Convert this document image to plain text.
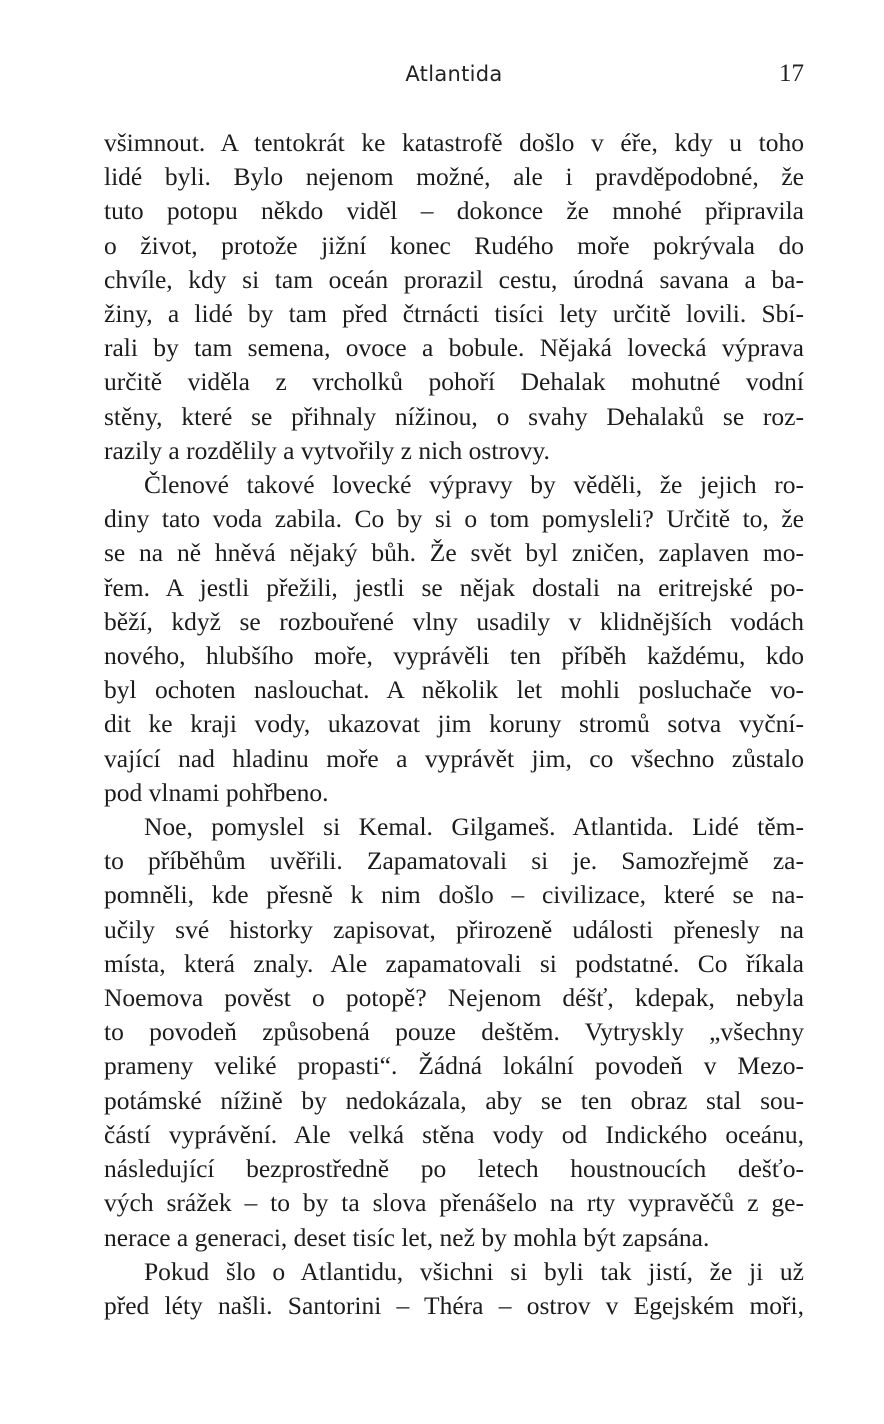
Atlantida	17

všimnout. A tentokrát ke katastrofě došlo v éře, kdy u toho
lidé byli. Bylo nejenom možné, ale i pravděpodobné, že
tuto potopu někdo viděl – dokonce že mnohé připravila
o život, protože jižní konec Rudého moře pokrývala do
chvíle, kdy si tam oceán prorazil cestu, úrodná savana a ba-
žiny, a lidé by tam před čtrnácti tisíci lety určitě lovili. Sbí-
rali by tam semena, ovoce a bobule. Nějaká lovecká výprava
určitě viděla z vrcholků pohoří Dehalak mohutné vodní
stěny, které se přihnaly nížinou, o svahy Dehalaků se roz-
razily a rozdělily a vytvořily z nich ostrovy.

Členové takové lovecké výpravy by věděli, že jejich ro-
diny tato voda zabila. Co by si o tom pomysleli? Určitě to, že
se na ně hněvá nějaký bůh. Že svět byl zničen, zaplaven mo-
řem. A jestli přežili, jestli se nějak dostali na eritrejské po-
běží, když se rozbouřené vlny usadily v klidnějších vodách
nového, hlubšího moře, vyprávěli ten příběh každému, kdo
byl ochoten naslouchat. A několik let mohli posluchače vo-
dit ke kraji vody, ukazovat jim koruny stromů sotva vyční-
vající nad hladinu moře a vyprávět jim, co všechno zůstalo
pod vlnami pohřbeno.

Noe, pomyslel si Kemal. Gilgameš. Atlantida. Lidé těm-
to příběhům uvěřili. Zapamatovali si je. Samozřejmě za-
pomněli, kde přesně k nim došlo – civilizace, které se na-
učily své historky zapisovat, přirozeně události přenesly na
místa, která znaly. Ale zapamatovali si podstatné. Co říkala
Noemova pověst o potopě? Nejenom déšť, kdepak, nebyla
to povodeň způsobená pouze deštěm. Vytryskly „všechny
prameny veliké propasti“. Žádná lokální povodeň v Mezo-
potámské nížině by nedokázala, aby se ten obraz stal sou-
částí vyprávění. Ale velká stěna vody od Indického oceánu,
následující bezprostředně po letech houstnoucích dešťo-
vých srážek – to by ta slova přenášelo na rty vypravěčů z ge-
nerace a generaci, deset tisíc let, než by mohla být zapsána.

Pokud šlo o Atlantidu, všichni si byli tak jistí, že ji už
před léty našli. Santorini – Théra – ostrov v Egejském moři,
